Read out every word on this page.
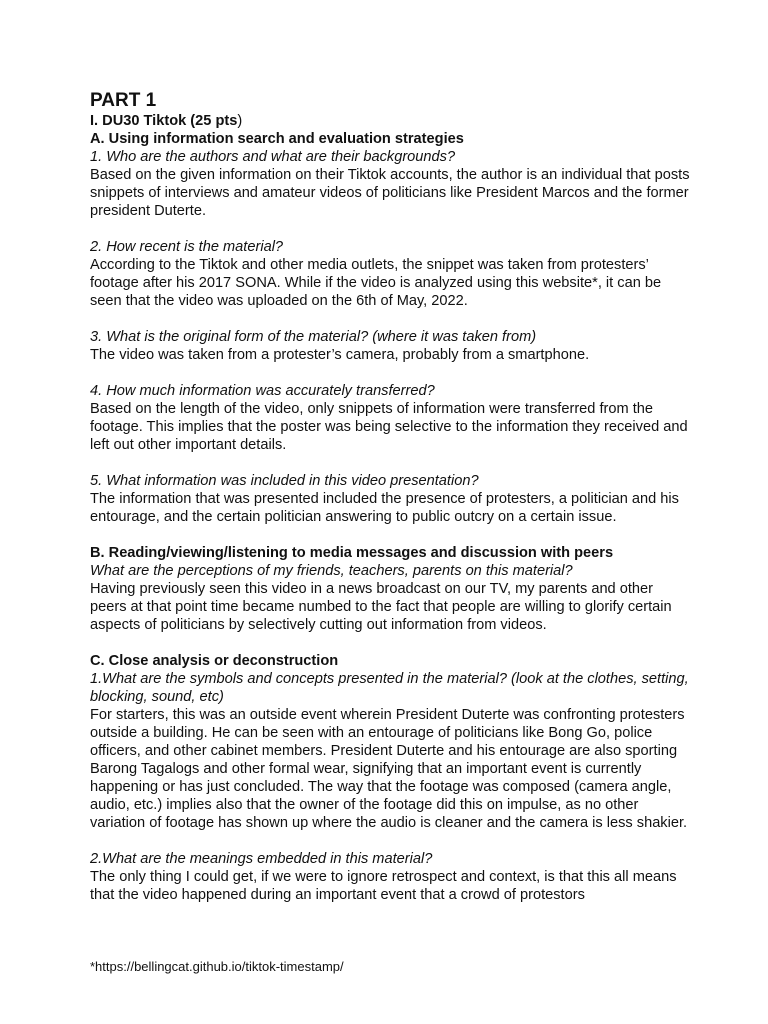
PART 1

I. DU30 Tiktok (25 pts)

A. Using information search and evaluation strategies

1. Who are the authors and what are their backgrounds?

Based on the given information on their Tiktok accounts, the author is an individual that posts snippets of interviews and amateur videos of politicians like President Marcos and the former president Duterte.

2. How recent is the material?

According to the Tiktok and other media outlets, the snippet was taken from protesters’ footage after his 2017 SONA. While if the video is analyzed using this website*, it can be seen that the video was uploaded on the 6th of May, 2022.

3. What is the original form of the material? (where it was taken from)

The video was taken from a protester’s camera, probably from a smartphone.

4. How much information was accurately transferred?

Based on the length of the video, only snippets of information were transferred from the footage. This implies that the poster was being selective to the information they received and left out other important details.

5. What information was included in this video presentation?

The information that was presented included the presence of protesters, a politician and his entourage, and the certain politician answering to public outcry on a certain issue.

B. Reading/viewing/listening to media messages and discussion with peers

What are the perceptions of my friends, teachers, parents on this material?

Having previously seen this video in a news broadcast on our TV, my parents and other peers at that point time became numbed to the fact that people are willing to glorify certain aspects of politicians by selectively cutting out information from videos.

C. Close analysis or deconstruction

1.What are the symbols and concepts presented in the material? (look at the clothes, setting, blocking, sound, etc)

For starters, this was an outside event wherein President Duterte was confronting protesters outside a building. He can be seen with an entourage of politicians like Bong Go, police officers, and other cabinet members. President Duterte and his entourage are also sporting Barong Tagalogs and other formal wear, signifying that an important event is currently happening or has just concluded. The way that the footage was composed (camera angle, audio, etc.) implies also that the owner of the footage did this on impulse, as no other variation of footage has shown up where the audio is cleaner and the camera is less shakier.

2.What are the meanings embedded in this material?

The only thing I could get, if we were to ignore retrospect and context, is that this all means that the video happened during an important event that a crowd of protestors

*https://bellingcat.github.io/tiktok-timestamp/
